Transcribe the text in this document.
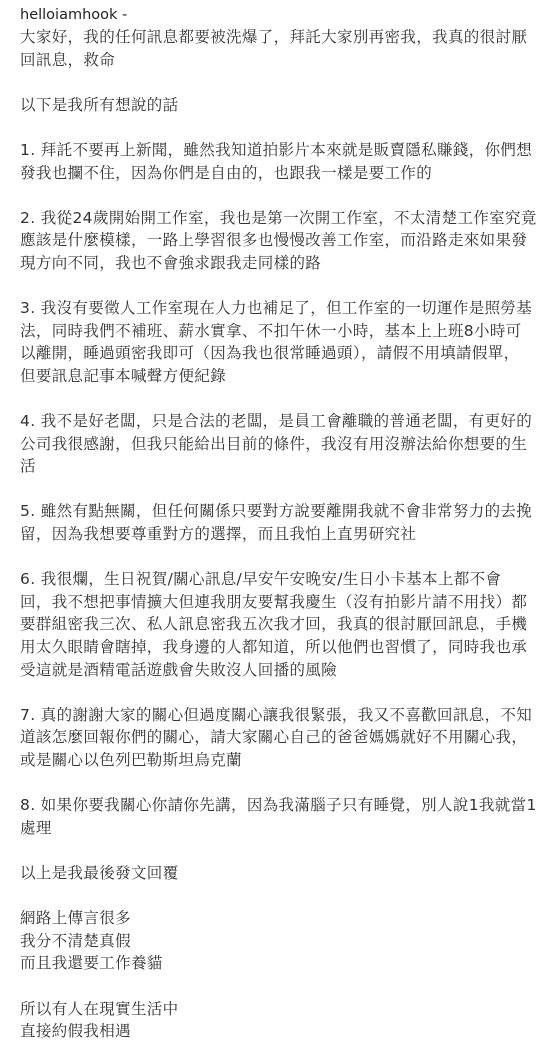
helloiamhook -
大家好，我的任何訊息都要被洗爆了，拜託大家別再密我，我真的很討厭
回訊息，救命
以下是我所有想說的話
1. 拜託不要再上新聞，雖然我知道拍影片本來就是販賣隱私賺錢，你們想
發我也攔不住，因為你們是自由的，也跟我一樣是要工作的
2. 我從24歲開始開工作室，我也是第一次開工作室，不太清楚工作室究竟
應該是什麼模樣，一路上學習很多也慢慢改善工作室，而沿路走來如果發
現方向不同，我也不會強求跟我走同樣的路
3. 我沒有要徵人工作室現在人力也補足了，但工作室的一切運作是照勞基
法，同時我們不補班、薪水實拿、不扣午休一小時，基本上上班8小時可
以離開，睡過頭密我即可（因為我也很常睡過頭），請假不用填請假單，
但要訊息記事本喊聲方便紀錄
4. 我不是好老闆，只是合法的老闆，是員工會離職的普通老闆，有更好的
公司我很感謝，但我只能給出目前的條件，我沒有用沒辦法給你想要的生
活
5. 雖然有點無關，但任何關係只要對方說要離開我就不會非常努力的去挽
留，因為我想要尊重對方的選擇，而且我怕上直男研究社
6. 我很爛，生日祝賀/關心訊息/早安午安晚安/生日小卡基本上都不會
回，我不想把事情擴大但連我朋友要幫我慶生（沒有拍影片請不用找）都
要群組密我三次、私人訊息密我五次我才回，我真的很討厭回訊息，手機
用太久眼睛會瞎掉，我身邊的人都知道，所以他們也習慣了，同時我也承
受這就是酒精電話遊戲會失敗沒人回播的風險
7. 真的謝謝大家的關心但過度關心讓我很緊張，我又不喜歡回訊息，不知
道該怎麼回報你們的關心，請大家關心自己的爸爸媽媽就好不用關心我，
或是關心以色列巴勒斯坦烏克蘭
8. 如果你要我關心你請你先講，因為我滿腦子只有睡覺，別人說1我就當1
處理
以上是我最後發文回覆
網路上傳言很多
我分不清楚真假
而且我還要工作養貓
所以有人在現實生活中
直接約假我相遇
